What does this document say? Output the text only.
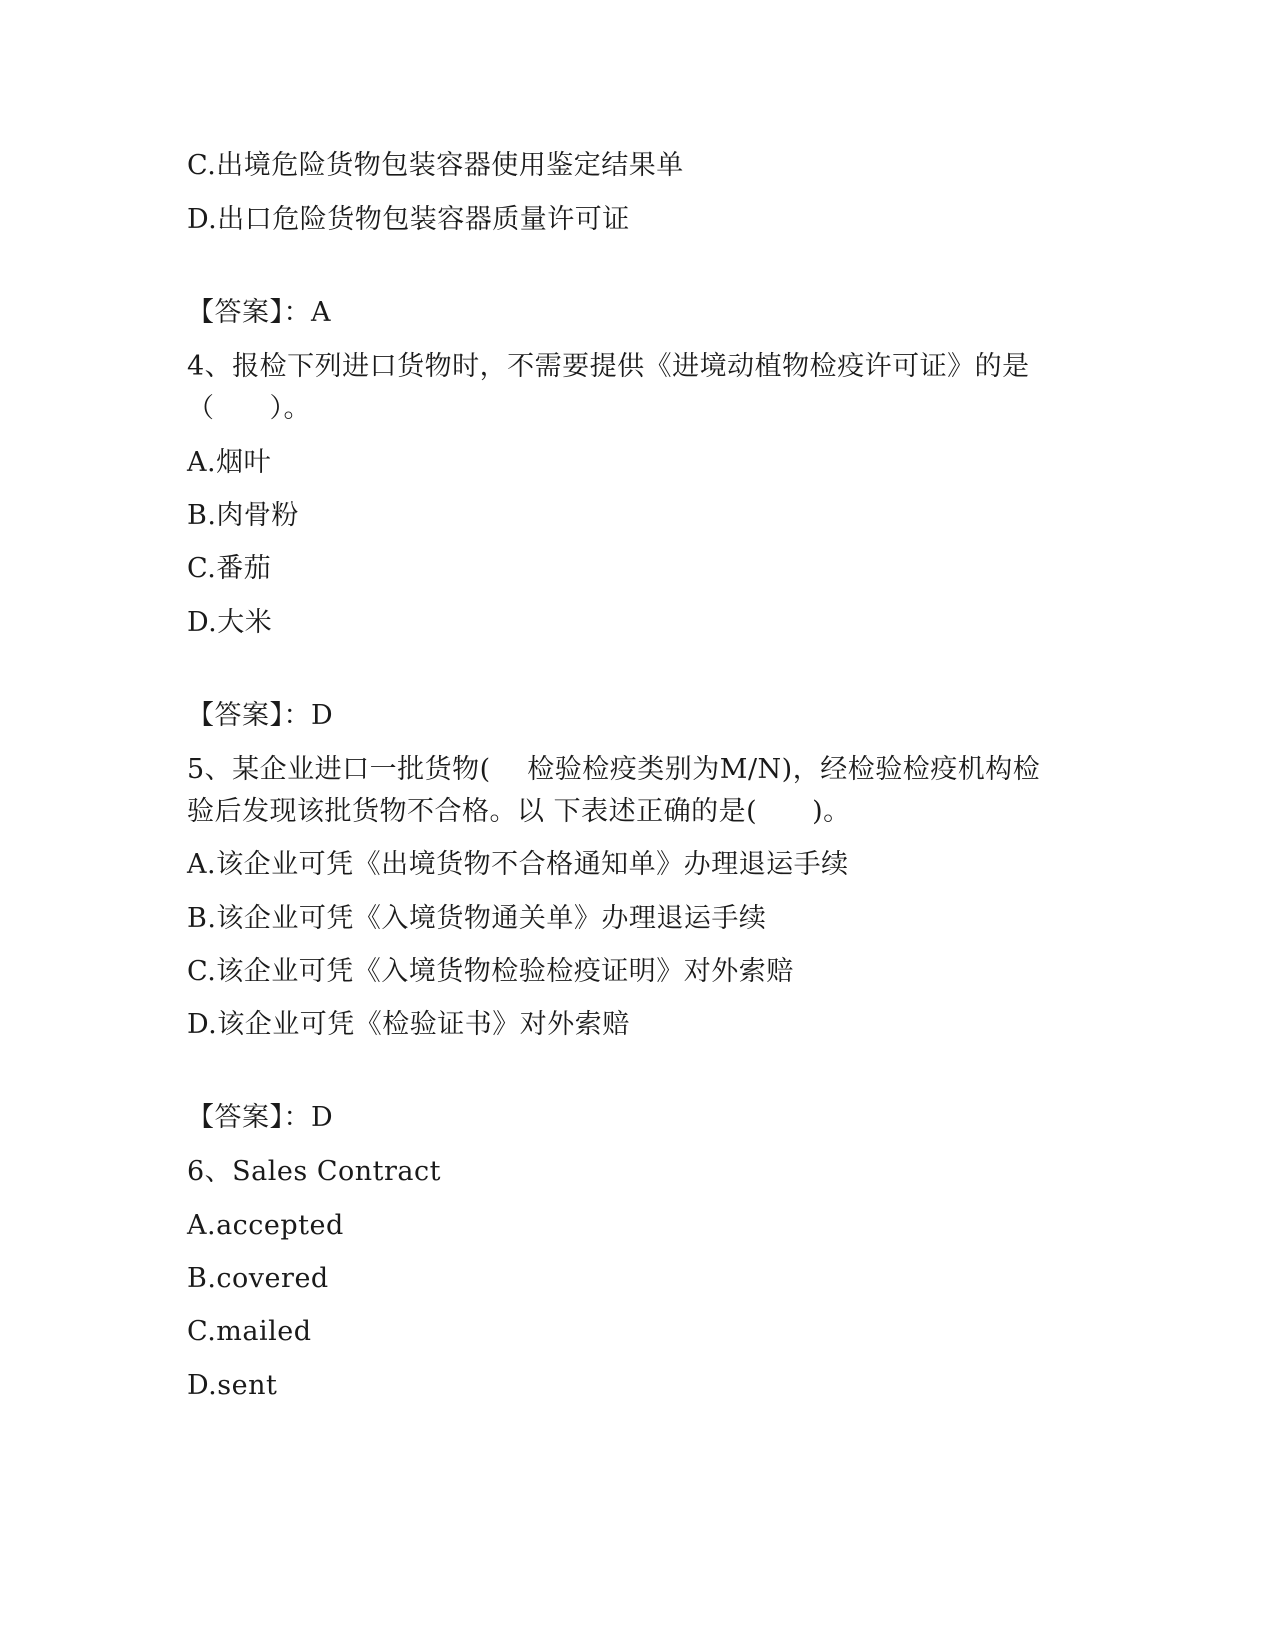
C.出境危险货物包装容器使用鉴定结果单
D.出口危险货物包装容器质量许可证
【答案】：A
4、报检下列进口货物时，不需要提供《进境动植物检疫许可证》的是
（　　）。
A.烟叶
B.肉骨粉
C.番茄
D.大米
【答案】：D
5、某企业进口一批货物(　 检验检疫类别为M/N)，经检验检疫机构检
验后发现该批货物不合格。以 下表述正确的是(　　)。
A.该企业可凭《出境货物不合格通知单》办理退运手续
B.该企业可凭《入境货物通关单》办理退运手续
C.该企业可凭《入境货物检验检疫证明》对外索赔
D.该企业可凭《检验证书》对外索赔
【答案】：D
6、Sales Contract
A.accepted
B.covered
C.mailed
D.sent
